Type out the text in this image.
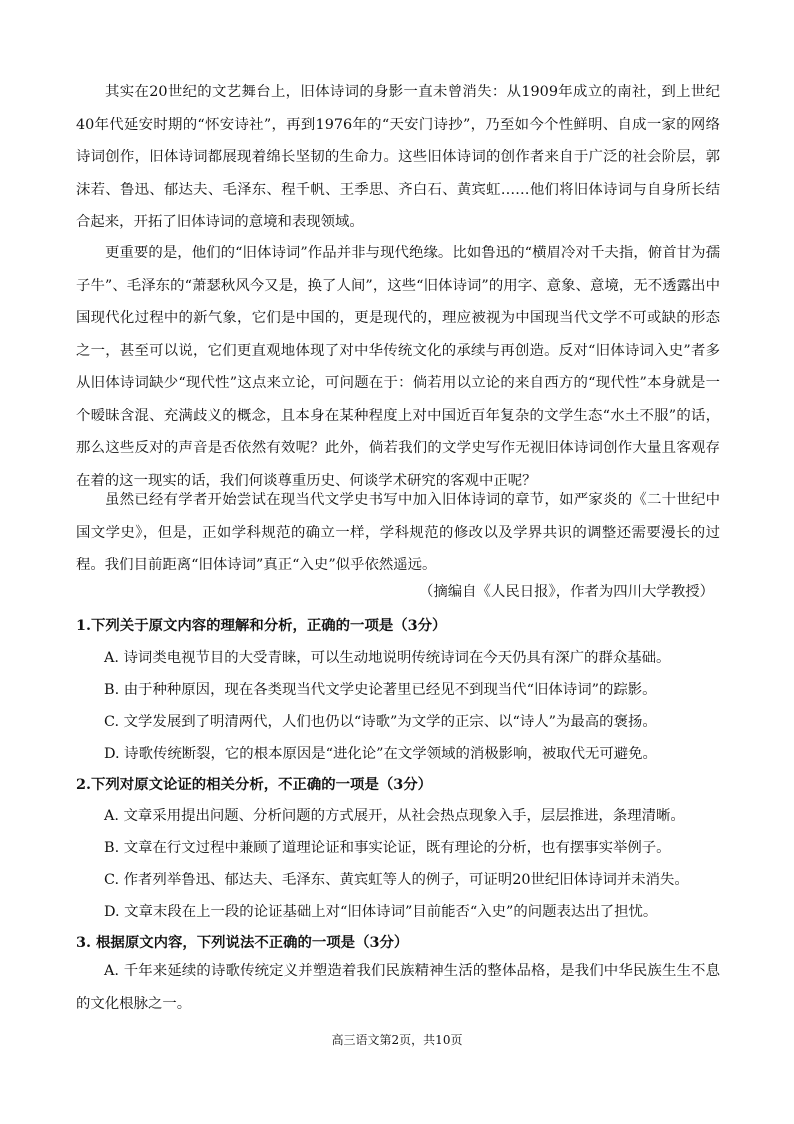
其实在20世纪的文艺舞台上，旧体诗词的身影一直未曾消失：从1909年成立的南社，到上世纪40年代延安时期的“怀安诗社”，再到1976年的“天安门诗抄”，乃至如今个性鲜明、自成一家的网络诗词创作，旧体诗词都展现着绵长坚韧的生命力。这些旧体诗词的创作者来自于广泛的社会阶层，郭沫若、鲁迅、郁达夫、毛泽东、程千帆、王季思、齐白石、黄宾虹……他们将旧体诗词与自身所长结合起来，开拓了旧体诗词的意境和表现领域。

更重要的是，他们的“旧体诗词”作品并非与现代绝缘。比如鲁迅的“横眉冷对千夫指，俯首甘为孺子牛”、毛泽东的“萧瑟秋风今又是，换了人间”，这些“旧体诗词”的用字、意象、意境，无不透露出中国现代化过程中的新气象，它们是中国的，更是现代的，理应被视为中国现当代文学不可或缺的形态之一，甚至可以说，它们更直观地体现了对中华传统文化的承续与再创造。反对“旧体诗词入史”者多从旧体诗词缺少“现代性”这点来立论，可问题在于：倘若用以立论的来自西方的“现代性”本身就是一个暧昧含混、充满歧义的概念，且本身在某种程度上对中国近百年复杂的文学生态“水土不服”的话，那么这些反对的声音是否依然有效呢？此外，倘若我们的文学史写作无视旧体诗词创作大量且客观存在着的这一现实的话，我们何谈尊重历史、何谈学术研究的客观中正呢？

虽然已经有学者开始尝试在现当代文学史书写中加入旧体诗词的章节，如严家炎的《二十世纪中国文学史》，但是，正如学科规范的确立一样，学科规范的修改以及学界共识的调整还需要漫长的过程。我们目前距离“旧体诗词”真正“入史”似乎依然遥远。

（摘编自《人民日报》，作者为四川大学教授）

1.下列关于原文内容的理解和分析，正确的一项是（3分）

A. 诗词类电视节目的大受青睐，可以生动地说明传统诗词在今天仍具有深广的群众基础。

B. 由于种种原因，现在各类现当代文学史论著里已经见不到现当代“旧体诗词”的踪影。

C. 文学发展到了明清两代，人们也仍以“诗歌”为文学的正宗、以“诗人”为最高的褒扬。

D. 诗歌传统断裂，它的根本原因是“进化论”在文学领域的消极影响，被取代无可避免。

2.下列对原文论证的相关分析，不正确的一项是（3分）

A. 文章采用提出问题、分析问题的方式展开，从社会热点现象入手，层层推进，条理清晰。

B. 文章在行文过程中兼顾了道理论证和事实论证，既有理论的分析，也有摆事实举例子。

C. 作者列举鲁迅、郁达夫、毛泽东、黄宾虹等人的例子，可证明20世纪旧体诗词并未消失。

D. 文章末段在上一段的论证基础上对“旧体诗词”目前能否“入史”的问题表达出了担忧。

3. 根据原文内容，下列说法不正确的一项是（3分）

A. 千年来延续的诗歌传统定义并塑造着我们民族精神生活的整体品格，是我们中华民族生生不息的文化根脉之一。

高三语文第2页，共10页
